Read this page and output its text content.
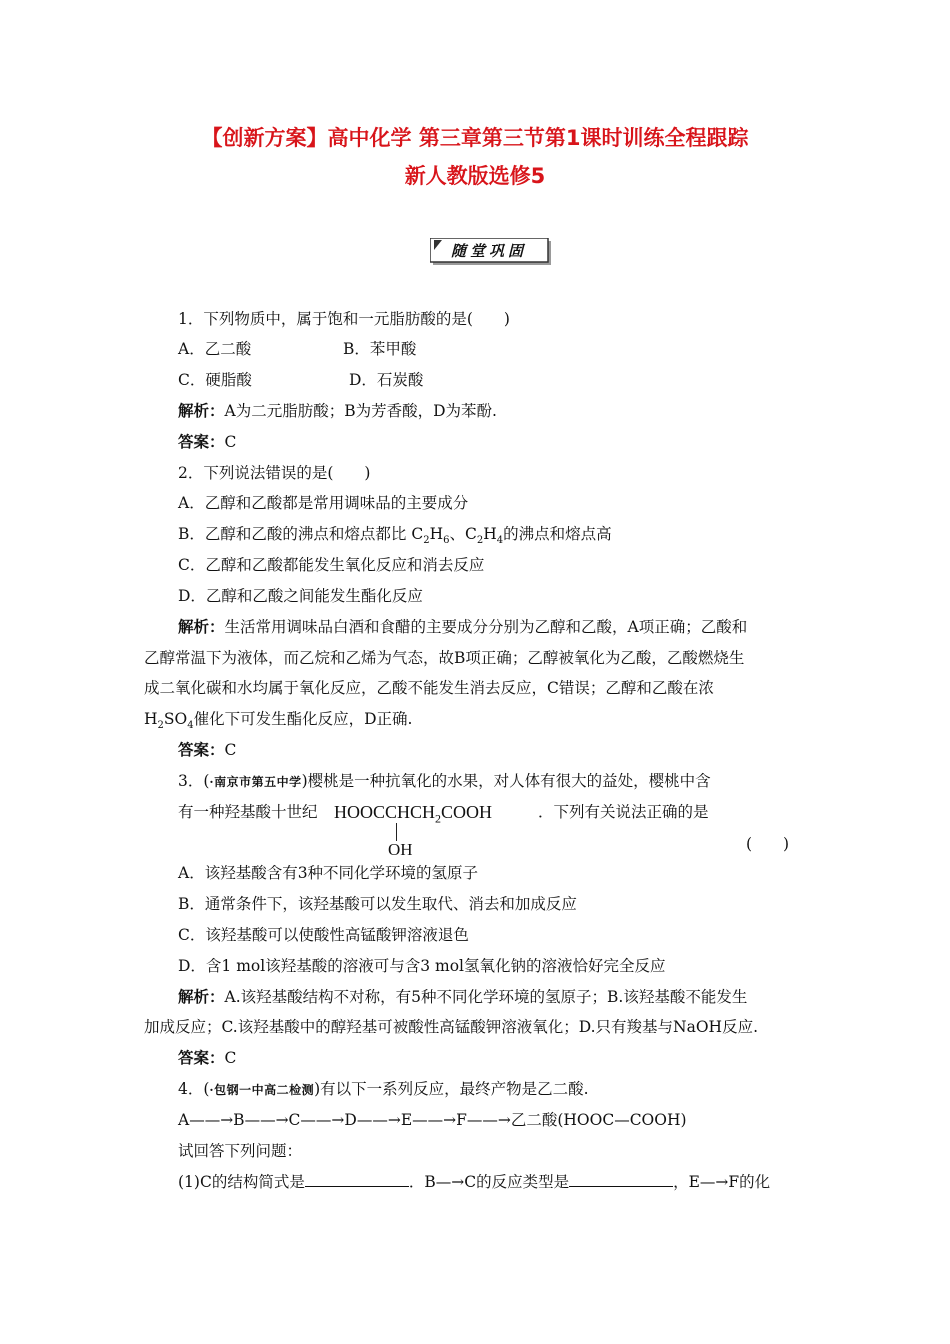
【创新方案】高中化学 第三章第三节第1课时训练全程跟踪
新人教版选修5
随堂巩固
1．下列物质中，属于饱和一元脂肪酸的是(　　)
A．乙二酸	B．苯甲酸
C．硬脂酸	D．石炭酸
解析：A为二元脂肪酸；B为芳香酸，D为苯酚.
答案：C
2．下列说法错误的是(　　)
A．乙醇和乙酸都是常用调味品的主要成分
B．乙醇和乙酸的沸点和熔点都比 $C_2H_6$、$C_2H_4$的沸点和熔点高
C．乙醇和乙酸都能发生氧化反应和消去反应
D．乙醇和乙酸之间能发生酯化反应
解析：生活常用调味品白酒和食醋的主要成分分别为乙醇和乙酸，A项正确；乙酸和
乙醇常温下为液体，而乙烷和乙烯为气态，故B项正确；乙醇被氧化为乙酸，乙酸燃烧生
成二氧化碳和水均属于氧化反应，乙酸不能发生消去反应，C错误；乙醇和乙酸在浓
$H_2SO_4$催化下可发生酯化反应，D正确.
答案：C
3．(·南京市第五中学)樱桃是一种抗氧化的水果，对人体有很大的益处，樱桃中含
有一种羟基酸十世纪 $HOOCCHCH_2COOH$
OH
．下列有关说法正确的是
(　　)
A．该羟基酸含有3种不同化学环境的氢原子
B．通常条件下，该羟基酸可以发生取代、消去和加成反应
C．该羟基酸可以使酸性高锰酸钾溶液退色
D．含1 mol该羟基酸的溶液可与含3 mol氢氧化钠的溶液恰好完全反应
解析：A.该羟基酸结构不对称，有5种不同化学环境的氢原子；B.该羟基酸不能发生
加成反应；C.该羟基酸中的醇羟基可被酸性高锰酸钾溶液氧化；D.只有羧基与NaOH反应.
答案：C
4．(·包钢一中高二检测)有以下一系列反应，最终产物是乙二酸.
A——→B——→C——→D——→E——→F——→乙二酸(HOOC—COOH)
试回答下列问题：
(1)C的结构简式是	．B—→C的反应类型是	，E—→F的化
